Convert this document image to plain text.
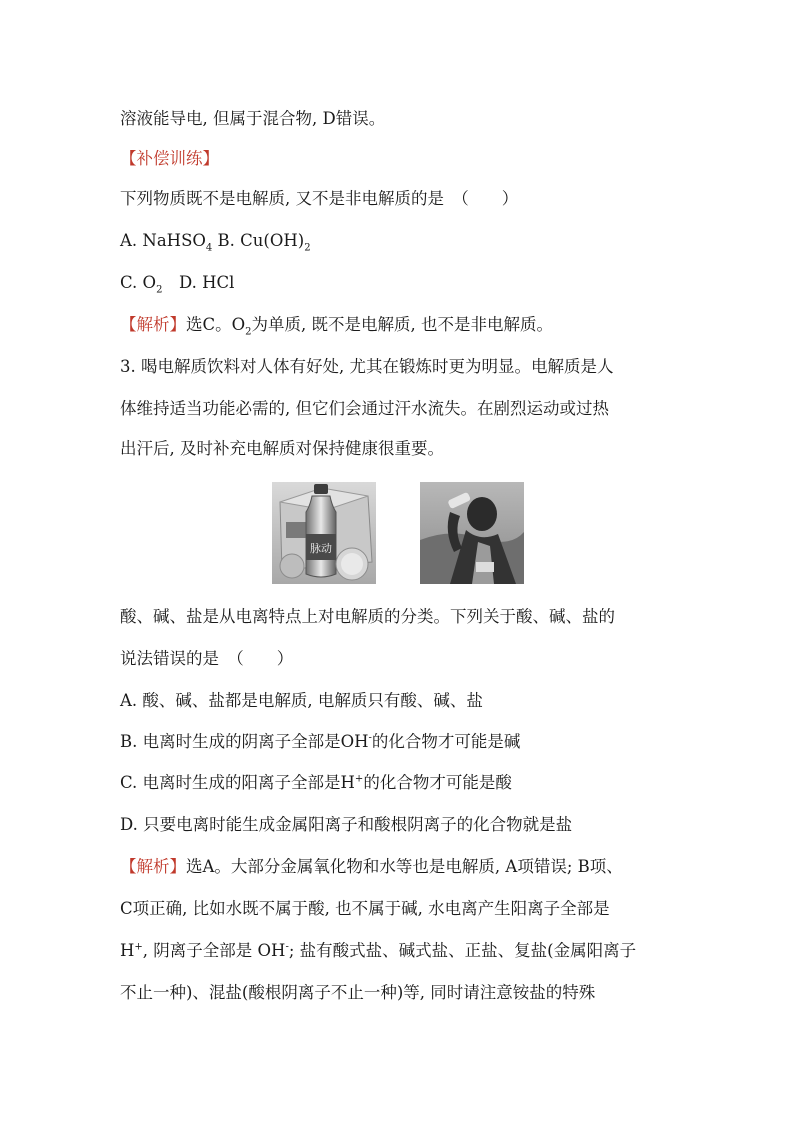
溶液能导电, 但属于混合物, D错误。
【补偿训练】
下列物质既不是电解质, 又不是非电解质的是　（　　）
A. NaHSO$_4$ B. $Cu(OH)_2$
C. $O_2$　D. HCl
【解析】选C。$O_2$为单质, 既不是电解质, 也不是非电解质。
3. 喝电解质饮料对人体有好处, 尤其在锻炼时更为明显。电解质是人
体维持适当功能必需的, 但它们会通过汗水流失。在剧烈运动或过热
出汗后, 及时补充电解质对保持健康很重要。
脉动
酸、碱、盐是从电离特点上对电解质的分类。下列关于酸、碱、盐的
说法错误的是　（　　）
A. 酸、碱、盐都是电解质, 电解质只有酸、碱、盐
B. 电离时生成的阴离子全部是OH-的化合物才可能是碱
C. 电离时生成的阳离子全部是H+的化合物才可能是酸
D. 只要电离时能生成金属阳离子和酸根阴离子的化合物就是盐
【解析】选A。大部分金属氧化物和水等也是电解质, A项错误; B项、
C项正确, 比如水既不属于酸, 也不属于碱, 水电离产生阳离子全部是
H+, 阴离子全部是 OH-; 盐有酸式盐、碱式盐、正盐、复盐(金属阳离子
不止一种)、混盐(酸根阴离子不止一种)等, 同时请注意铵盐的特殊
